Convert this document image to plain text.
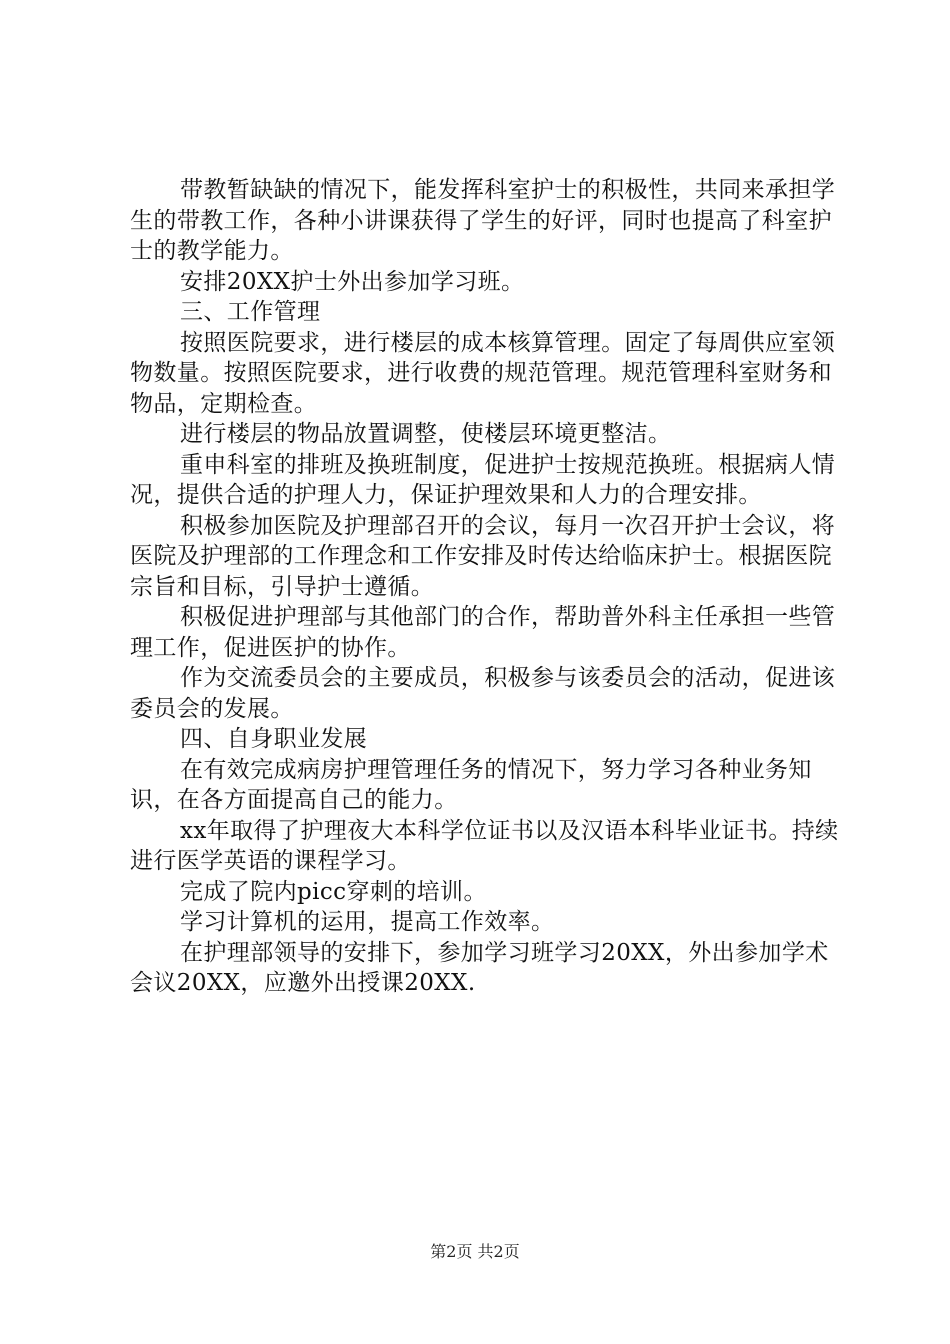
带教暂缺缺的情况下，能发挥科室护士的积极性，共同来承担学生的带教工作，各种小讲课获得了学生的好评，同时也提高了科室护士的教学能力。

安排20XX护士外出参加学习班。

三、工作管理

按照医院要求，进行楼层的成本核算管理。固定了每周供应室领物数量。按照医院要求，进行收费的规范管理。规范管理科室财务和物品，定期检查。

进行楼层的物品放置调整，使楼层环境更整洁。

重申科室的排班及换班制度，促进护士按规范换班。根据病人情况，提供合适的护理人力，保证护理效果和人力的合理安排。

积极参加医院及护理部召开的会议，每月一次召开护士会议，将医院及护理部的工作理念和工作安排及时传达给临床护士。根据医院宗旨和目标，引导护士遵循。

积极促进护理部与其他部门的合作，帮助普外科主任承担一些管理工作，促进医护的协作。

作为交流委员会的主要成员，积极参与该委员会的活动，促进该委员会的发展。

四、自身职业发展

在有效完成病房护理管理任务的情况下，努力学习各种业务知识，在各方面提高自己的能力。

xx年取得了护理夜大本科学位证书以及汉语本科毕业证书。持续进行医学英语的课程学习。

完成了院内picc穿刺的培训。

学习计算机的运用，提高工作效率。

在护理部领导的安排下，参加学习班学习20XX，外出参加学术会议20XX，应邀外出授课20XX.

第2页 共2页
